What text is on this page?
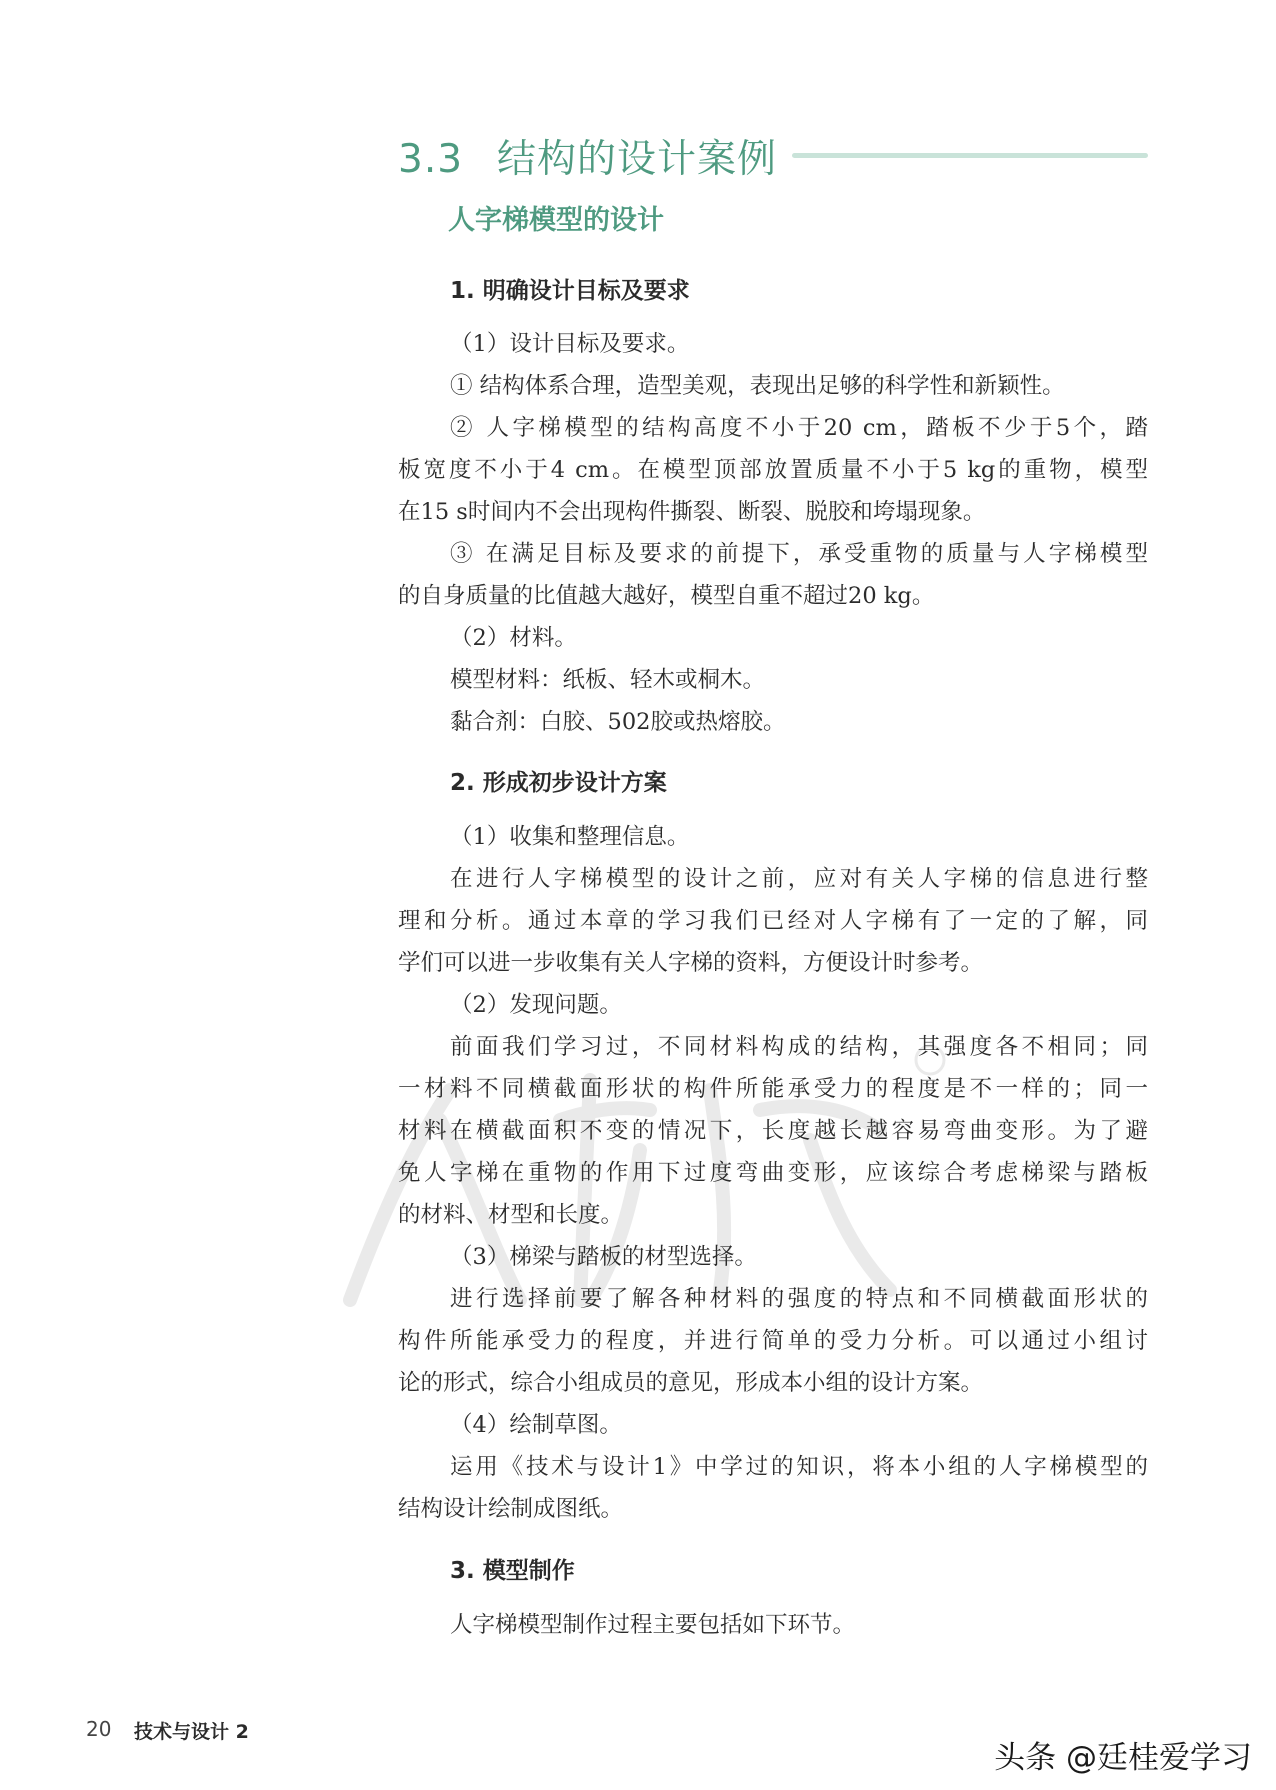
3.3 结构的设计案例
人字梯模型的设计
1. 明确设计目标及要求
（1）设计目标及要求。
① 结构体系合理，造型美观，表现出足够的科学性和新颖性。
② 人字梯模型的结构高度不小于20 cm，踏板不少于5个，踏
板宽度不小于4 cm。在模型顶部放置质量不小于5 kg的重物，模型
在15 s时间内不会出现构件撕裂、断裂、脱胶和垮塌现象。
③ 在满足目标及要求的前提下，承受重物的质量与人字梯模型
的自身质量的比值越大越好，模型自重不超过20 kg。
（2）材料。
模型材料：纸板、轻木或桐木。
黏合剂：白胶、502胶或热熔胶。
2. 形成初步设计方案
（1）收集和整理信息。
在进行人字梯模型的设计之前，应对有关人字梯的信息进行整
理和分析。通过本章的学习我们已经对人字梯有了一定的了解，同
学们可以进一步收集有关人字梯的资料，方便设计时参考。
（2）发现问题。
前面我们学习过，不同材料构成的结构，其强度各不相同；同
一材料不同横截面形状的构件所能承受力的程度是不一样的；同一
材料在横截面积不变的情况下，长度越长越容易弯曲变形。为了避
免人字梯在重物的作用下过度弯曲变形，应该综合考虑梯梁与踏板
的材料、材型和长度。
（3）梯梁与踏板的材型选择。
进行选择前要了解各种材料的强度的特点和不同横截面形状的
构件所能承受力的程度，并进行简单的受力分析。可以通过小组讨
论的形式，综合小组成员的意见，形成本小组的设计方案。
（4）绘制草图。
运用《技术与设计1》中学过的知识，将本小组的人字梯模型的
结构设计绘制成图纸。
3. 模型制作
人字梯模型制作过程主要包括如下环节。
20 技术与设计 2
头条 @廷桂爱学习
